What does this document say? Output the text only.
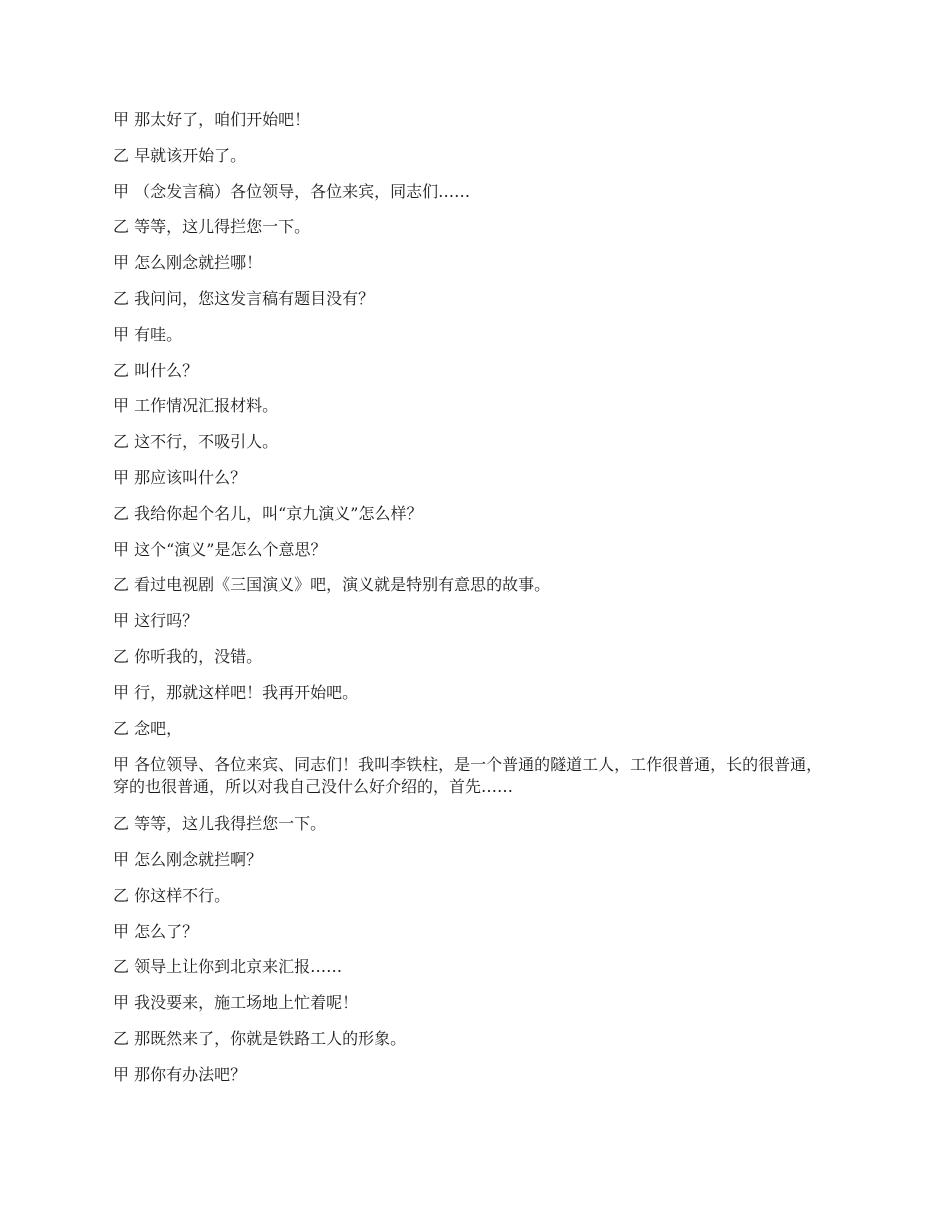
甲 那太好了，咱们开始吧！

乙 早就该开始了。

甲 （念发言稿）各位领导，各位来宾，同志们……

乙 等等，这儿得拦您一下。

甲 怎么刚念就拦哪！

乙 我问问，您这发言稿有题目没有？

甲 有哇。

乙 叫什么？

甲 工作情况汇报材料。

乙 这不行，不吸引人。

甲 那应该叫什么？

乙 我给你起个名儿，叫“京九演义”怎么样？

甲 这个“演义”是怎么个意思？

乙 看过电视剧《三国演义》吧，演义就是特别有意思的故事。

甲 这行吗？

乙 你听我的，没错。

甲 行，那就这样吧！我再开始吧。

乙 念吧，

甲 各位领导、各位来宾、同志们！我叫李铁柱，是一个普通的隧道工人，工作很普通，长的很普通，穿的也很普通，所以对我自己没什么好介绍的，首先……

乙 等等，这儿我得拦您一下。

甲 怎么刚念就拦啊？

乙 你这样不行。

甲 怎么了？

乙 领导上让你到北京来汇报……

甲 我没要来，施工场地上忙着呢！

乙 那既然来了，你就是铁路工人的形象。

甲 那你有办法吧？
